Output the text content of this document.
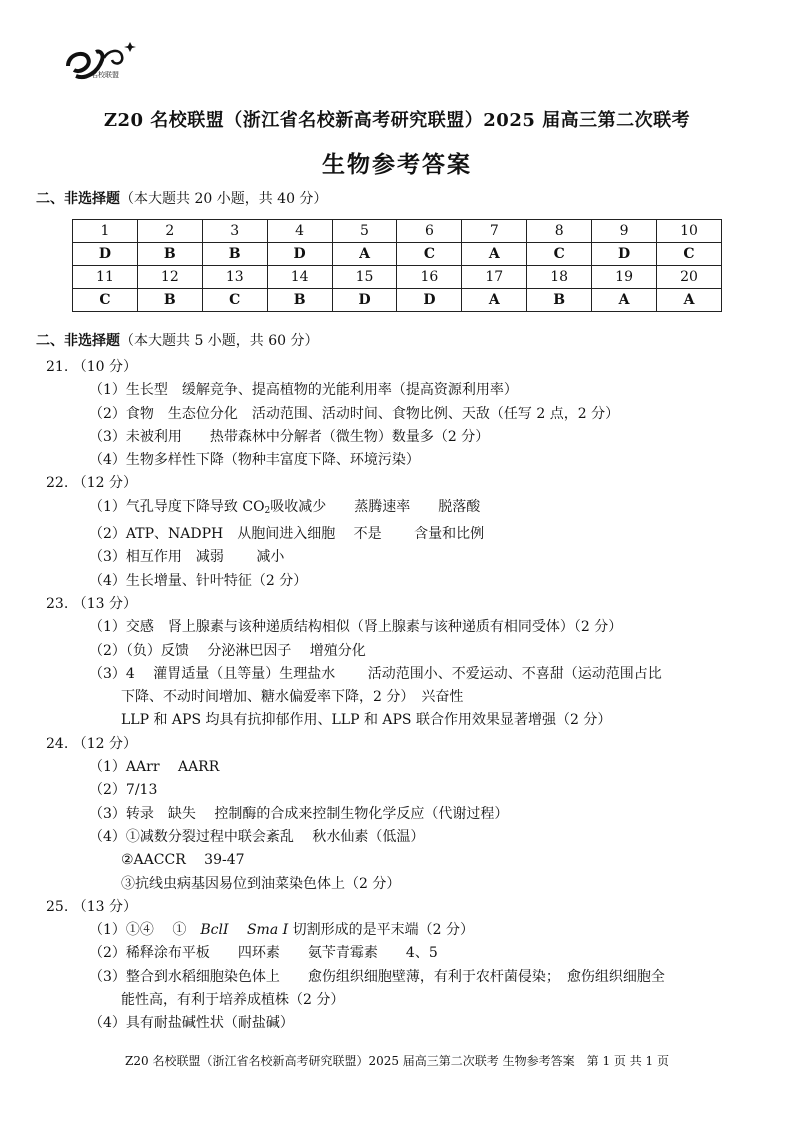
名校联盟
Z20 名校联盟（浙江省名校新高考研究联盟）2025 届高三第二次联考
生物参考答案
二、非选择题（本大题共 20 小题，共 40 分）
1	2	3	4	5	6	7	8	9	10
D	B	B	D	A	C	A	C	D	C
11	12	13	14	15	16	17	18	19	20
C	B	C	B	D	D	A	B	A	A
二、非选择题（本大题共 5 小题，共 60 分）
21. （10 分）
（1）生长型　缓解竞争、提高植物的光能利用率（提高资源利用率）
（2）食物　生态位分化　活动范围、活动时间、食物比例、天敌（任写 2 点，2 分）
（3）未被利用　　热带森林中分解者（微生物）数量多（2 分）
（4）生物多样性下降（物种丰富度下降、环境污染）
22. （12 分）
（1）气孔导度下降导致 $CO_2$吸收减少　　蒸腾速率　　脱落酸
（2）ATP、NADPH　从胞间进入细胞　 不是　　 含量和比例
（3）相互作用　减弱　　 减小
（4）生长增量、针叶特征（2 分）
23. （13 分）
（1）交感　肾上腺素与该种递质结构相似（肾上腺素与该种递质有相同受体）（2 分）
（2）（负）反馈　 分泌淋巴因子　 增殖分化
（3）4　 灌胃适量（且等量）生理盐水　　 活动范围小、不爱运动、不喜甜（运动范围占比
下降、不动时间增加、糖水偏爱率下降，2 分）　兴奋性
LLP 和 APS 均具有抗抑郁作用、LLP 和 APS 联合作用效果显著增强（2 分）
24. （12 分）
（1）AArr　 AARR
（2）7/13
（3）转录　缺失　 控制酶的合成来控制生物化学反应（代谢过程）
（4）①减数分裂过程中联会紊乱　 秋水仙素（低温）
②AACCR　 39-47
③抗线虫病基因易位到油菜染色体上（2 分）
25. （13 分）
（1）①④　 ①　BclI　 Sma I 切割形成的是平末端（2 分）
（2）稀释涂布平板　　四环素　　氨苄青霉素　　4、5
（3）整合到水稻细胞染色体上　　愈伤组织细胞壁薄，有利于农杆菌侵染；　愈伤组织细胞全
能性高，有利于培养成植株（2 分）
（4）具有耐盐碱性状（耐盐碱）
Z20 名校联盟（浙江省名校新高考研究联盟）2025 届高三第二次联考 生物参考答案　第 1 页 共 1 页
